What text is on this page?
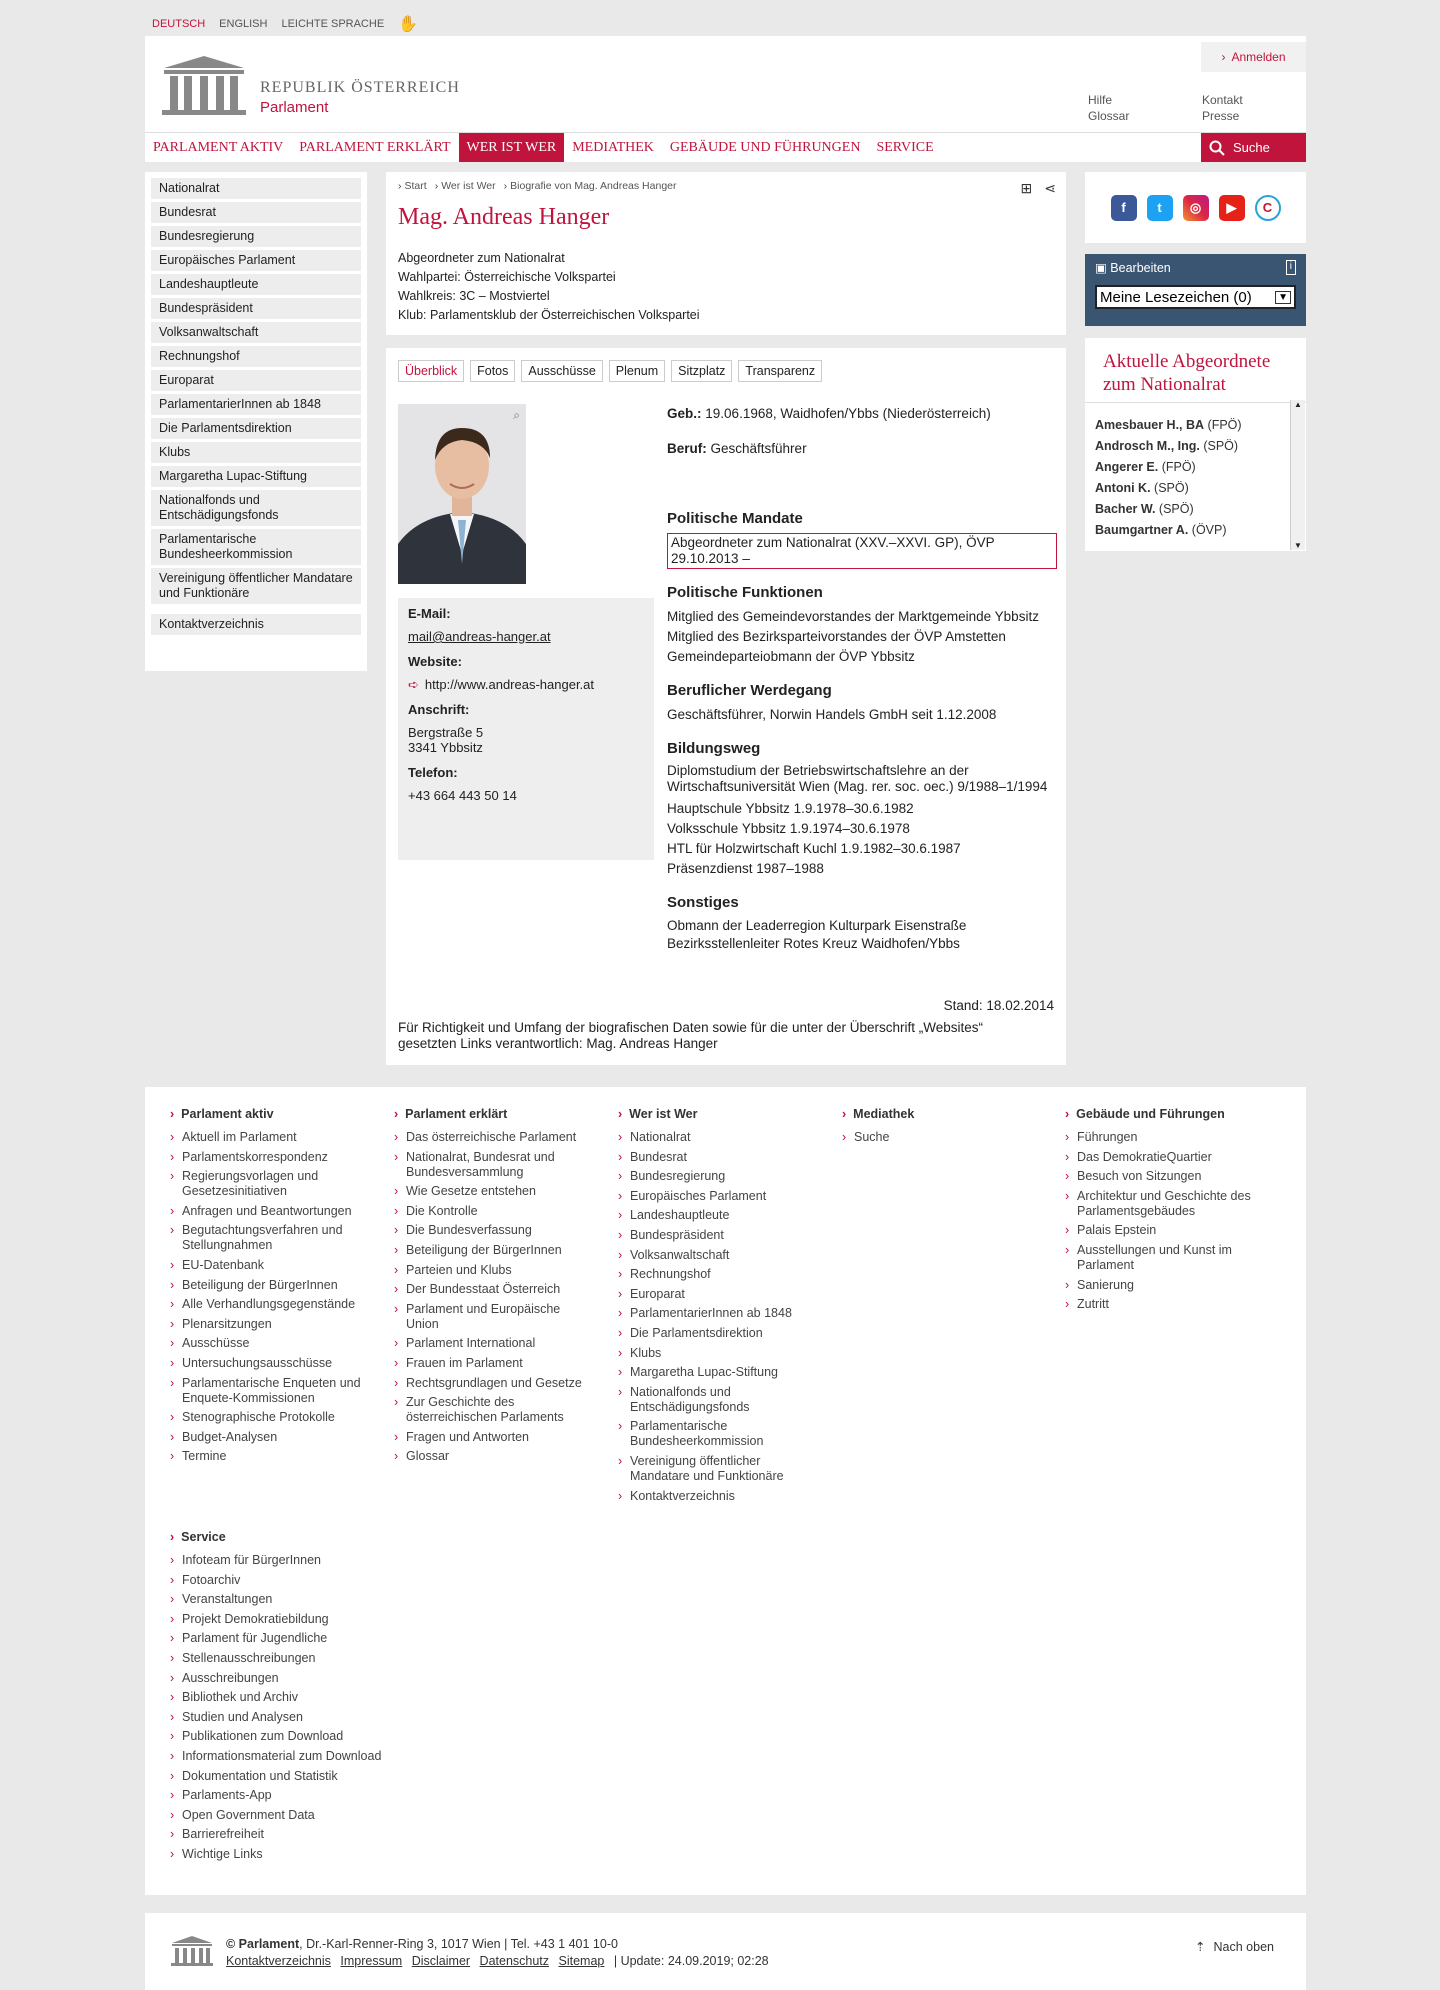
DEUTSCH ENGLISH LEICHTE SPRACHE ✋
REPUBLIK ÖSTERREICH
Parlament
› Anmelden
Hilfe
Glossar
Kontakt
Presse
PARLAMENT AKTIV	PARLAMENT ERKLÄRT	WER IST WER	MEDIATHEK	GEBÄUDE UND FÜHRUNGEN	SERVICE	Suche
Nationalrat
Bundesrat
Bundesregierung
Europäisches Parlament
Landeshauptleute
Bundespräsident
Volksanwaltschaft
Rechnungshof
Europarat
ParlamentarierInnen ab 1848
Die Parlamentsdirektion
Klubs
Margaretha Lupac-Stiftung
Nationalfonds und Entschädigungsfonds
Parlamentarische Bundesheerkommission
Vereinigung öffentlicher Mandatare und Funktionäre
Kontaktverzeichnis
› Start	› Wer ist Wer	› Biografie von Mag. Andreas Hanger	⊞ ⋖
Mag. Andreas Hanger
Abgeordneter zum Nationalrat
Wahlpartei: Österreichische Volkspartei
Wahlkreis: 3C – Mostviertel
Klub: Parlamentsklub der Österreichischen Volkspartei
Überblick	Fotos	Ausschüsse	Plenum	Sitzplatz	Transparenz
⌕
E-Mail:
mail@andreas-hanger.at
Website:
➪ http://www.andreas-hanger.at
Anschrift:
Bergstraße 5
3341 Ybbsitz
Telefon:
+43 664 443 50 14
Geb.: 19.06.1968, Waidhofen/Ybbs (Niederösterreich)
Beruf: Geschäftsführer
Politische Mandate
Abgeordneter zum Nationalrat (XXV.–XXVI. GP), ÖVP 29.10.2013 –
Politische Funktionen
Mitglied des Gemeindevorstandes der Marktgemeinde Ybbsitz
Mitglied des Bezirksparteivorstandes der ÖVP Amstetten
Gemeindeparteiobmann der ÖVP Ybbsitz
Beruflicher Werdegang
Geschäftsführer, Norwin Handels GmbH seit 1.12.2008
Bildungsweg
Diplomstudium der Betriebswirtschaftslehre an der Wirtschaftsuniversität Wien (Mag. rer. soc. oec.) 9/1988–1/1994
Hauptschule Ybbsitz 1.9.1978–30.6.1982
Volksschule Ybbsitz 1.9.1974–30.6.1978
HTL für Holzwirtschaft Kuchl 1.9.1982–30.6.1987
Präsenzdienst 1987–1988
Sonstiges
Obmann der Leaderregion Kulturpark Eisenstraße
Bezirksstellenleiter Rotes Kreuz Waidhofen/Ybbs
Stand: 18.02.2014
Für Richtigkeit und Umfang der biografischen Daten sowie für die unter der Überschrift „Websites“ gesetzten Links verantwortlich: Mag. Andreas Hanger
f	t	◎	▶	C
▣ Bearbeiten	i
Meine Lesezeichen (0)	▼
Aktuelle Abgeordnete zum Nationalrat
Amesbauer H., BA (FPÖ)
Androsch M., Ing. (SPÖ)
Angerer E. (FPÖ)
Antoni K. (SPÖ)
Bacher W. (SPÖ)
Baumgartner A. (ÖVP)
▲
▼
› Parlament aktiv
› Aktuell im Parlament
› Parlamentskorrespondenz
› Regierungsvorlagen und Gesetzesinitiativen
› Anfragen und Beantwortungen
› Begutachtungsverfahren und Stellungnahmen
› EU-Datenbank
› Beteiligung der BürgerInnen
› Alle Verhandlungsgegenstände
› Plenarsitzungen
› Ausschüsse
› Untersuchungsausschüsse
› Parlamentarische Enqueten und Enquete-Kommissionen
› Stenographische Protokolle
› Budget-Analysen
› Termine
› Parlament erklärt
› Das österreichische Parlament
› Nationalrat, Bundesrat und Bundesversammlung
› Wie Gesetze entstehen
› Die Kontrolle
› Die Bundesverfassung
› Beteiligung der BürgerInnen
› Parteien und Klubs
› Der Bundesstaat Österreich
› Parlament und Europäische Union
› Parlament International
› Frauen im Parlament
› Rechtsgrundlagen und Gesetze
› Zur Geschichte des österreichischen Parlaments
› Fragen und Antworten
› Glossar
› Wer ist Wer
› Nationalrat
› Bundesrat
› Bundesregierung
› Europäisches Parlament
› Landeshauptleute
› Bundespräsident
› Volksanwaltschaft
› Rechnungshof
› Europarat
› ParlamentarierInnen ab 1848
› Die Parlamentsdirektion
› Klubs
› Margaretha Lupac-Stiftung
› Nationalfonds und Entschädigungsfonds
› Parlamentarische Bundesheerkommission
› Vereinigung öffentlicher Mandatare und Funktionäre
› Kontaktverzeichnis
› Mediathek
› Suche
› Gebäude und Führungen
› Führungen
› Das DemokratieQuartier
› Besuch von Sitzungen
› Architektur und Geschichte des Parlamentsgebäudes
› Palais Epstein
› Ausstellungen und Kunst im Parlament
› Sanierung
› Zutritt
› Service
› Infoteam für BürgerInnen
› Fotoarchiv
› Veranstaltungen
› Projekt Demokratiebildung
› Parlament für Jugendliche
› Stellenausschreibungen
› Ausschreibungen
› Bibliothek und Archiv
› Studien und Analysen
› Publikationen zum Download
› Informationsmaterial zum Download
› Dokumentation und Statistik
› Parlaments-App
› Open Government Data
› Barrierefreiheit
› Wichtige Links
© Parlament, Dr.-Karl-Renner-Ring 3, 1017 Wien | Tel. +43 1 401 10-0
Kontaktverzeichnis Impressum Disclaimer Datenschutz Sitemap | Update: 24.09.2019; 02:28
⇡ Nach oben
